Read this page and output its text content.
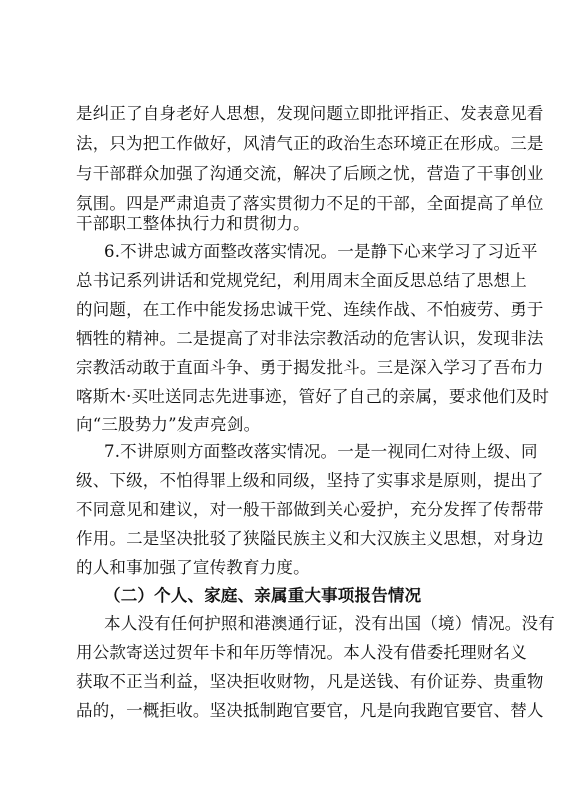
是纠正了自身老好人思想，发现问题立即批评指正、发表意见看
法，只为把工作做好，风清气正的政治生态环境正在形成。三是
与干部群众加强了沟通交流，解决了后顾之忧，营造了干事创业
氛围。四是严肃追责了落实贯彻力不足的干部，全面提高了单位
干部职工整体执行力和贯彻力。
6.不讲忠诚方面整改落实情况。一是静下心来学习了习近平
总书记系列讲话和党规党纪，利用周末全面反思总结了思想上
的问题，在工作中能发扬忠诚干党、连续作战、不怕疲劳、勇于
牺牲的精神。二是提高了对非法宗教活动的危害认识，发现非法
宗教活动敢于直面斗争、勇于揭发批斗。三是深入学习了吾布力
喀斯木·买吐送同志先进事迹，管好了自己的亲属，要求他们及时
向“三股势力”发声亮剑。
7.不讲原则方面整改落实情况。一是一视同仁对待上级、同
级、下级，不怕得罪上级和同级，坚持了实事求是原则，提出了
不同意见和建议，对一般干部做到关心爱护，充分发挥了传帮带
作用。二是坚决批驳了狭隘民族主义和大汉族主义思想，对身边
的人和事加强了宣传教育力度。
（二）个人、家庭、亲属重大事项报告情况
本人没有任何护照和港澳通行证，没有出国（境）情况。没有
用公款寄送过贺年卡和年历等情况。本人没有借委托理财名义
获取不正当利益，坚决拒收财物，凡是送钱、有价证券、贵重物
品的，一概拒收。坚决抵制跑官要官，凡是向我跑官要官、替人
